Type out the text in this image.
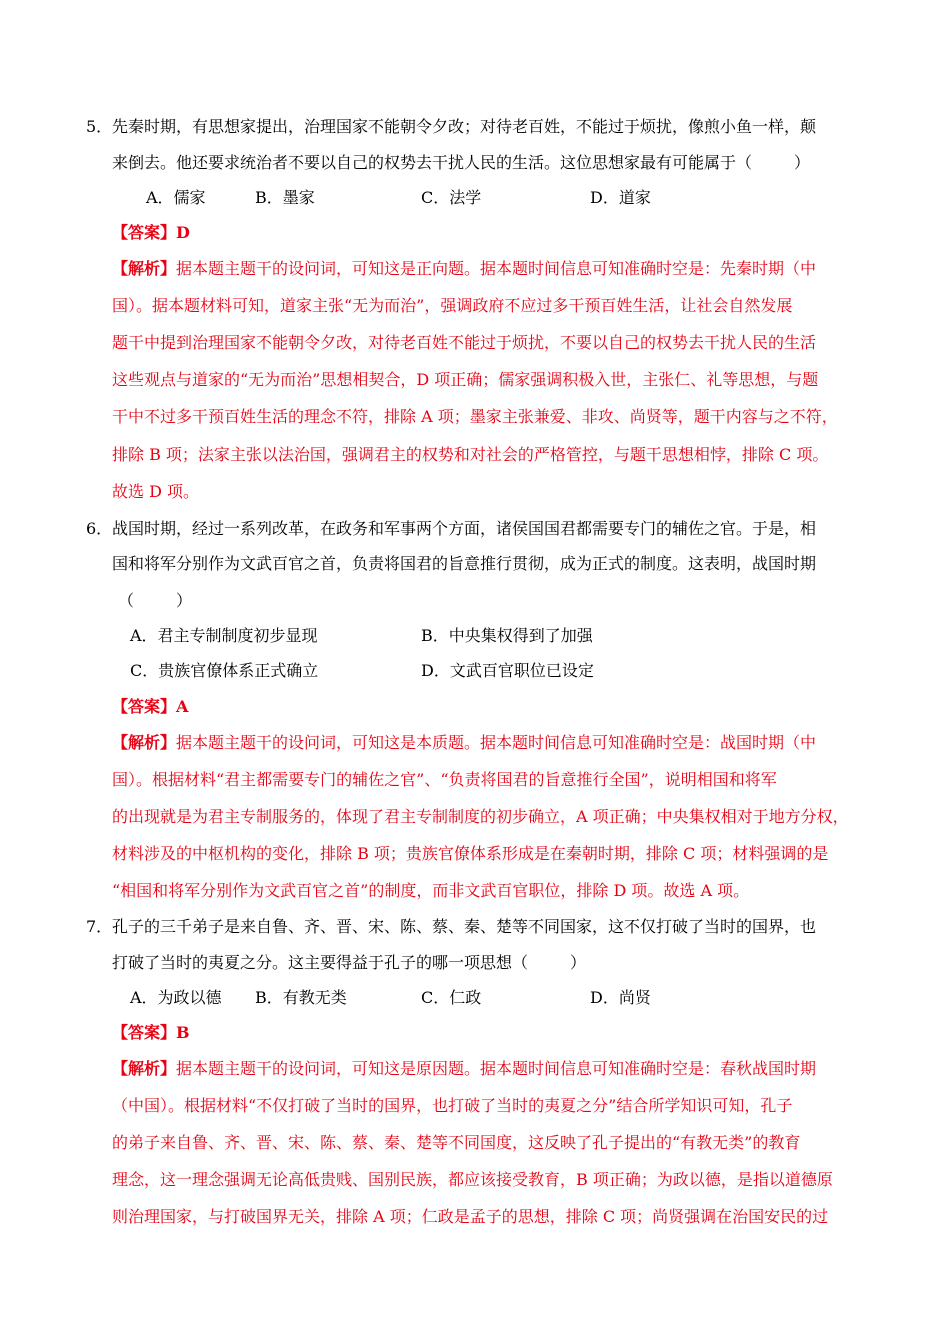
5． 先秦时期，有思想家提出，治理国家不能朝令夕改；对待老百姓，不能过于烦扰，像煎小鱼一样，颠
来倒去。他还要求统治者不要以自己的权势去干扰人民的生活。这位思想家最有可能属于（	）
A．儒家	B．墨家	C．法学	D．道家
【答案】D
【解析】据本题主题干的设问词，可知这是正向题。据本题时间信息可知准确时空是：先秦时期（中
国）。据本题材料可知，道家主张“无为而治”，强调政府不应过多干预百姓生活，让社会自然发展
题干中提到治理国家不能朝令夕改，对待老百姓不能过于烦扰，不要以自己的权势去干扰人民的生活
这些观点与道家的“无为而治”思想相契合，D 项正确；儒家强调积极入世，主张仁、礼等思想，与题
干中不过多干预百姓生活的理念不符，排除 A 项；墨家主张兼爱、非攻、尚贤等，题干内容与之不符，
排除 B 项；法家主张以法治国，强调君主的权势和对社会的严格管控，与题干思想相悖，排除 C 项。
故选 D 项。
6． 战国时期，经过一系列改革，在政务和军事两个方面，诸侯国国君都需要专门的辅佐之官。于是，相
国和将军分别作为文武百官之首，负责将国君的旨意推行贯彻，成为正式的制度。这表明，战国时期
（	）
A．君主专制制度初步显现	B．中央集权得到了加强
C．贵族官僚体系正式确立	D．文武百官职位已设定
【答案】A
【解析】据本题主题干的设问词，可知这是本质题。据本题时间信息可知准确时空是：战国时期（中
国）。根据材料“君主都需要专门的辅佐之官”、“负责将国君的旨意推行全国”，说明相国和将军
的出现就是为君主专制服务的，体现了君主专制制度的初步确立，A 项正确；中央集权相对于地方分权，
材料涉及的中枢机构的变化，排除 B 项；贵族官僚体系形成是在秦朝时期，排除 C 项；材料强调的是
“相国和将军分别作为文武百官之首”的制度，而非文武百官职位，排除 D 项。故选 A 项。
7． 孔子的三千弟子是来自鲁、齐、晋、宋、陈、蔡、秦、楚等不同国家，这不仅打破了当时的国界，也
打破了当时的夷夏之分。这主要得益于孔子的哪一项思想（	）
A．为政以德 B．有教无类	C．仁政	D．尚贤
【答案】B
【解析】据本题主题干的设问词，可知这是原因题。据本题时间信息可知准确时空是：春秋战国时期
（中国）。根据材料“不仅打破了当时的国界，也打破了当时的夷夏之分”结合所学知识可知，孔子
的弟子来自鲁、齐、晋、宋、陈、蔡、秦、楚等不同国度，这反映了孔子提出的“有教无类”的教育
理念，这一理念强调无论高低贵贱、国别民族，都应该接受教育，B 项正确；为政以德，是指以道德原
则治理国家，与打破国界无关，排除 A 项；仁政是孟子的思想，排除 C 项；尚贤强调在治国安民的过
